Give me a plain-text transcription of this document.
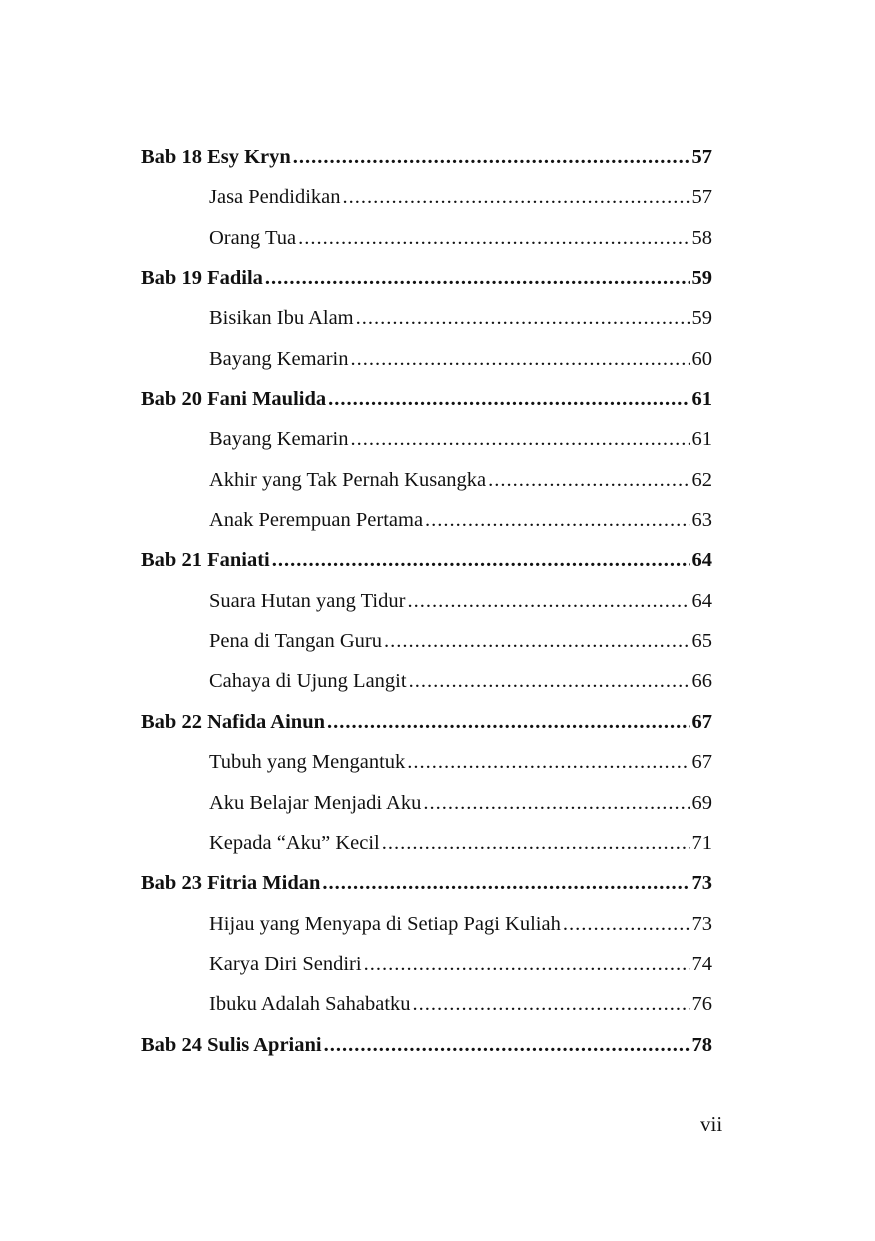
Bab 18 Esy Kryn .....	57
Jasa Pendidikan .....	57
Orang Tua .....	58
Bab 19 Fadila .....	59
Bisikan Ibu Alam .....	59
Bayang Kemarin .....	60
Bab 20 Fani Maulida .....	61
Bayang Kemarin .....	61
Akhir yang Tak Pernah Kusangka .....	62
Anak Perempuan Pertama .....	63
Bab 21 Faniati .....	64
Suara Hutan yang Tidur .....	64
Pena di Tangan Guru .....	65
Cahaya di Ujung Langit .....	66
Bab 22 Nafida Ainun .....	67
Tubuh yang Mengantuk .....	67
Aku Belajar Menjadi Aku .....	69
Kepada “Aku” Kecil .....	71
Bab 23 Fitria Midan .....	73
Hijau yang Menyapa di Setiap Pagi Kuliah .....	73
Karya Diri Sendiri .....	74
Ibuku Adalah Sahabatku .....	76
Bab 24 Sulis Apriani .....	78
vii
